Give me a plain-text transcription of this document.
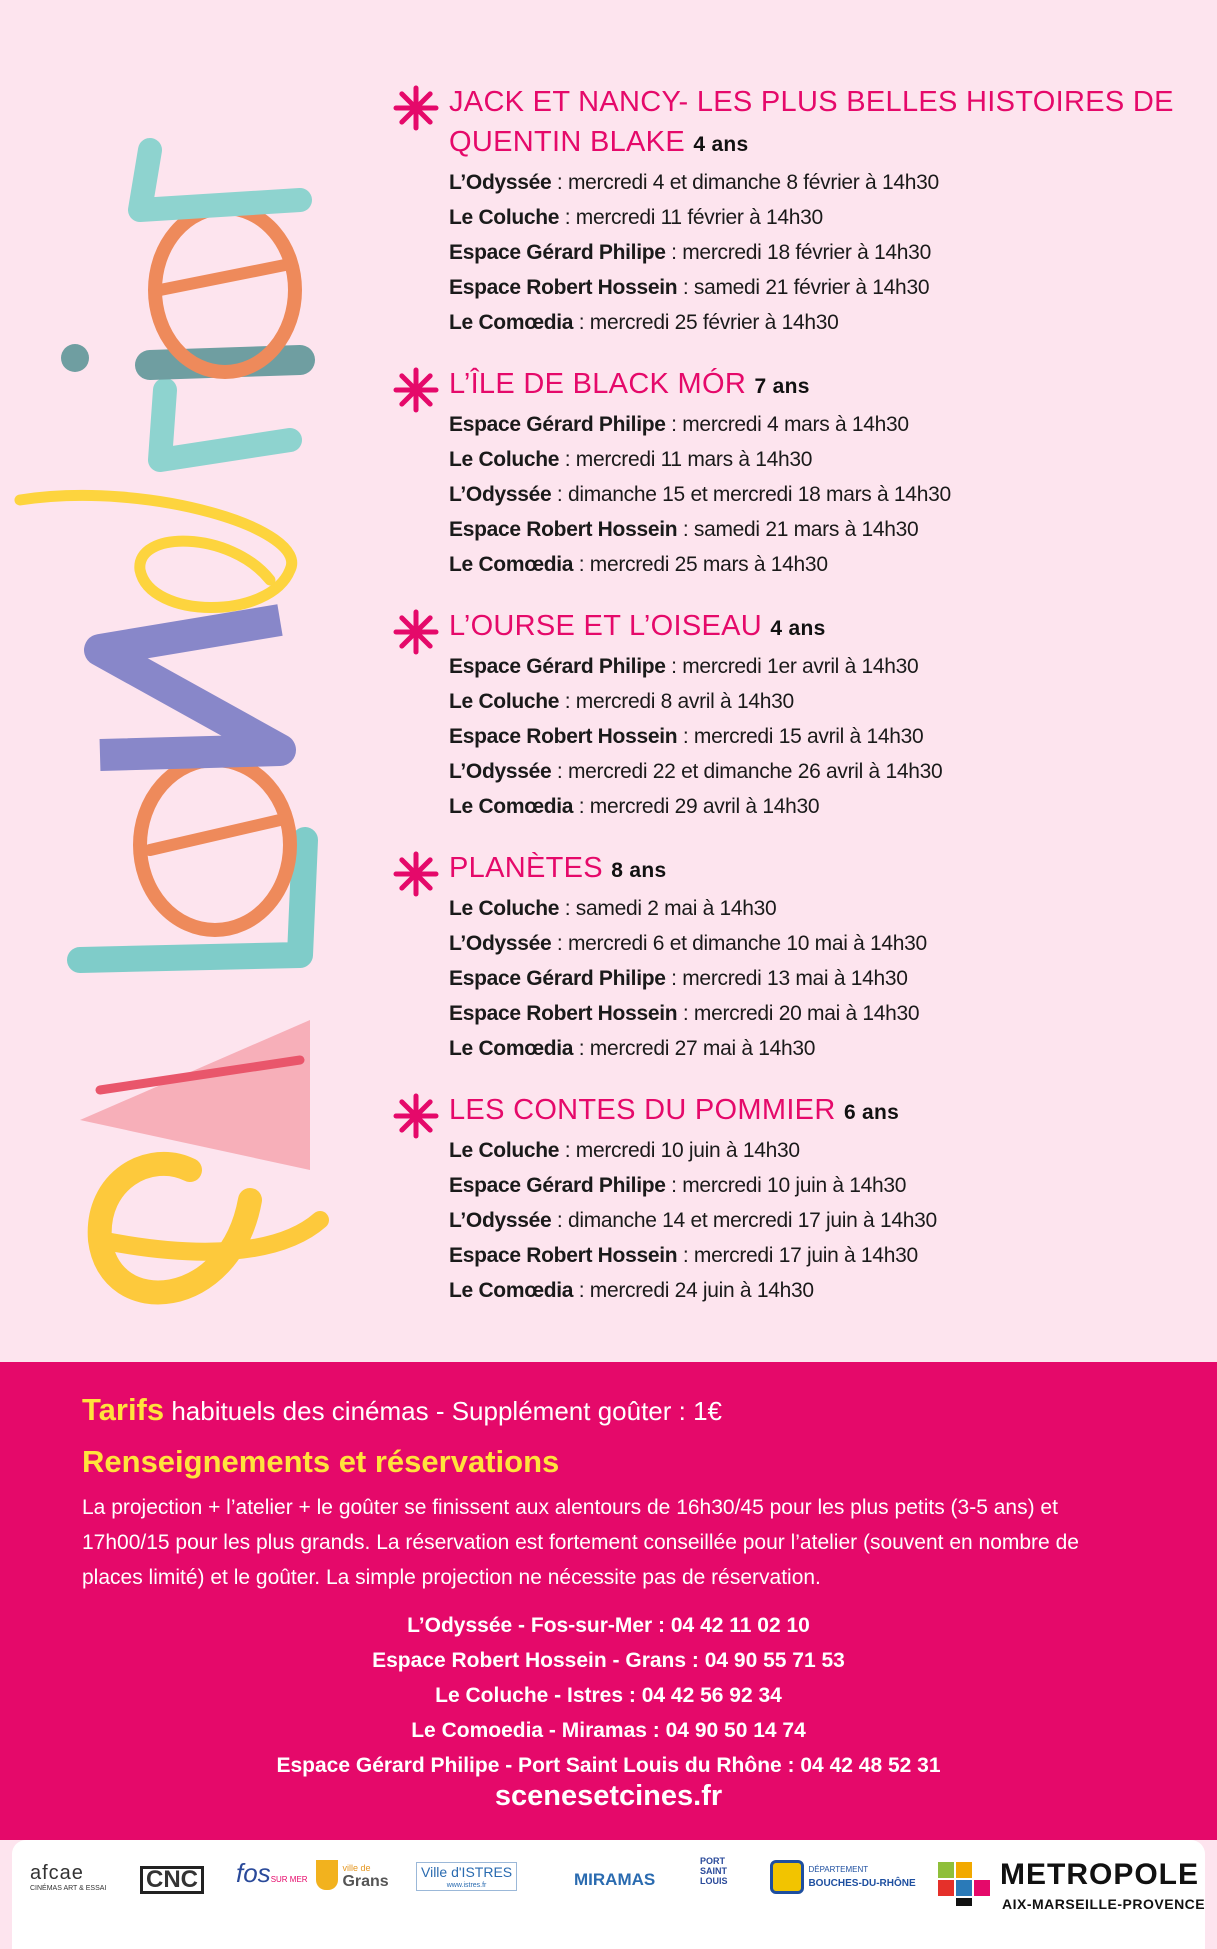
JACK ET NANCY- LES PLUS BELLES HISTOIRES DE QUENTIN BLAKE 4 ans
L’Odyssée : mercredi 4 et dimanche 8 février à 14h30
Le Coluche : mercredi 11 février à 14h30
Espace Gérard Philipe : mercredi 18 février à 14h30
Espace Robert Hossein : samedi 21 février à 14h30
Le Comœdia : mercredi 25 février à 14h30
L’ÎLE DE BLACK MÓR 7 ans
Espace Gérard Philipe : mercredi 4 mars à 14h30
Le Coluche : mercredi 11 mars à 14h30
L’Odyssée : dimanche 15 et mercredi 18 mars à 14h30
Espace Robert Hossein : samedi 21 mars à 14h30
Le Comœdia : mercredi 25 mars à 14h30
L’OURSE ET L’OISEAU 4 ans
Espace Gérard Philipe : mercredi 1er avril à 14h30
Le Coluche : mercredi 8 avril à 14h30
Espace Robert Hossein : mercredi 15 avril à 14h30
L’Odyssée : mercredi 22 et dimanche 26 avril à 14h30
Le Comœdia : mercredi 29 avril à 14h30
PLANÈTES 8 ans
Le Coluche : samedi 2 mai à 14h30
L’Odyssée : mercredi 6 et dimanche 10 mai à 14h30
Espace Gérard Philipe : mercredi 13 mai à 14h30
Espace Robert Hossein : mercredi 20 mai à 14h30
Le Comœdia : mercredi 27 mai à 14h30
LES CONTES DU POMMIER 6 ans
Le Coluche : mercredi 10 juin à 14h30
Espace Gérard Philipe : mercredi 10 juin à 14h30
L’Odyssée : dimanche 14 et mercredi 17 juin à 14h30
Espace Robert Hossein : mercredi 17 juin à 14h30
Le Comœdia : mercredi 24 juin à 14h30
Tarifs habituels des cinémas - Supplément goûter : 1€
Renseignements et réservations
La projection + l’atelier + le goûter se finissent aux alentours de 16h30/45 pour les plus petits (3-5 ans) et 17h00/15 pour les plus grands. La réservation est fortement conseillée pour l’atelier (souvent en nombre de places limité) et le goûter. La simple projection ne nécessite pas de réservation.
L’Odyssée - Fos-sur-Mer : 04 42 11 02 10
Espace Robert Hossein - Grans : 04 90 55 71 53
Le Coluche - Istres : 04 42 56 92 34
Le Comoedia - Miramas : 04 90 50 14 74
Espace Gérard Philipe - Port Saint Louis du Rhône : 04 42 48 52 31
scenesetcines.fr
afcae
CINÉMAS ART & ESSAI CNC fosSUR MER

ville de
Grans
Ville d'ISTRES
www.istres.fr	MIRAMAS
PORT SAINT LOUIS

DÉPARTEMENT
BOUCHES-DU-RHÔNE	METROPOLE
AIX-MARSEILLE-PROVENCE
